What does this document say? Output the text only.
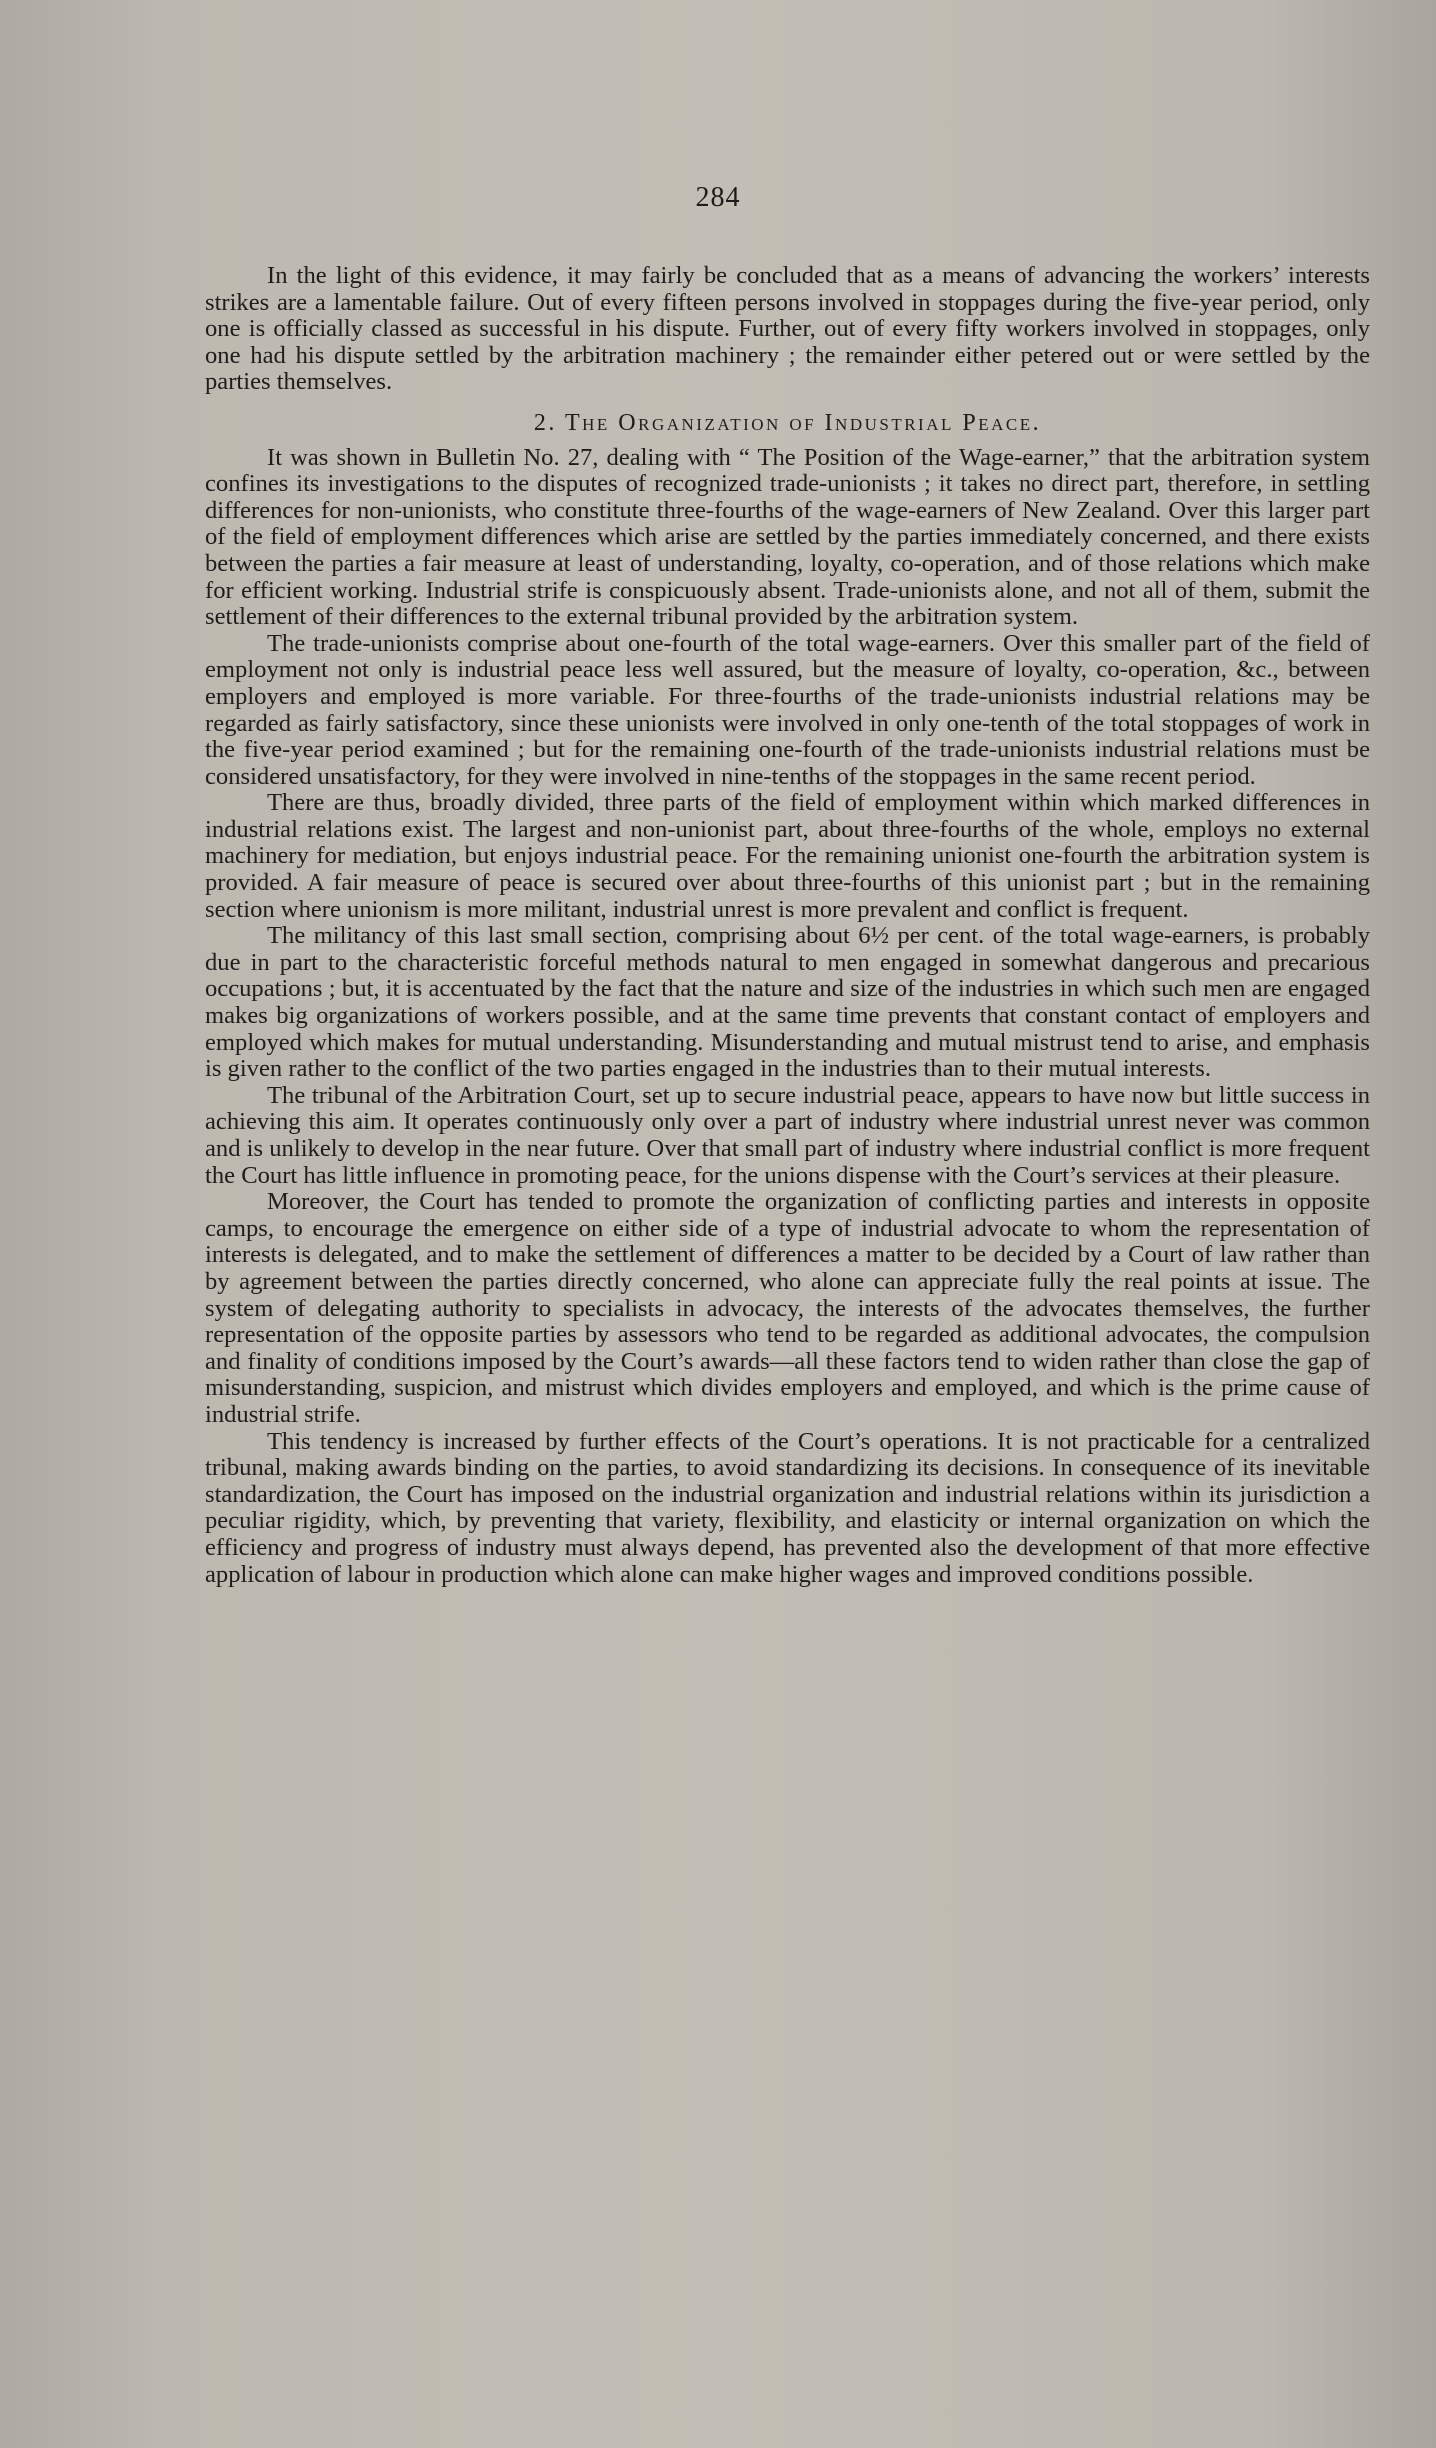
284

In the light of this evidence, it may fairly be concluded that as a means of advancing the workers’ interests strikes are a lamentable failure. Out of every fifteen persons involved in stoppages during the five-year period, only one is officially classed as successful in his dispute. Further, out of every fifty workers involved in stoppages, only one had his dispute settled by the arbitration machinery ; the remainder either petered out or were settled by the parties themselves.

2. The Organization of Industrial Peace.

It was shown in Bulletin No. 27, dealing with “ The Position of the Wage-earner,” that the arbitration system confines its investigations to the disputes of recognized trade-unionists ; it takes no direct part, therefore, in settling differences for non-unionists, who constitute three-fourths of the wage-earners of New Zealand. Over this larger part of the field of employment differences which arise are settled by the parties immediately concerned, and there exists between the parties a fair measure at least of understanding, loyalty, co-operation, and of those relations which make for efficient working. Industrial strife is conspicuously absent. Trade-unionists alone, and not all of them, submit the settlement of their differences to the external tribunal provided by the arbitration system.

The trade-unionists comprise about one-fourth of the total wage-earners. Over this smaller part of the field of employment not only is industrial peace less well assured, but the measure of loyalty, co-operation, &c., between employers and employed is more variable. For three-fourths of the trade-unionists industrial relations may be regarded as fairly satisfactory, since these unionists were involved in only one-tenth of the total stoppages of work in the five-year period examined ; but for the remaining one-fourth of the trade-unionists industrial relations must be considered unsatisfactory, for they were involved in nine-tenths of the stoppages in the same recent period.

There are thus, broadly divided, three parts of the field of employment within which marked differences in industrial relations exist. The largest and non-unionist part, about three-fourths of the whole, employs no external machinery for mediation, but enjoys industrial peace. For the remaining unionist one-fourth the arbitration system is provided. A fair measure of peace is secured over about three-fourths of this unionist part ; but in the remaining section where unionism is more militant, industrial unrest is more prevalent and conflict is frequent.

The militancy of this last small section, comprising about 6½ per cent. of the total wage-earners, is probably due in part to the characteristic forceful methods natural to men engaged in somewhat dangerous and precarious occupations ; but, it is accentuated by the fact that the nature and size of the industries in which such men are engaged makes big organizations of workers possible, and at the same time prevents that constant contact of employers and employed which makes for mutual understanding. Misunderstanding and mutual mistrust tend to arise, and emphasis is given rather to the conflict of the two parties engaged in the industries than to their mutual interests.

The tribunal of the Arbitration Court, set up to secure industrial peace, appears to have now but little success in achieving this aim. It operates continuously only over a part of industry where industrial unrest never was common and is unlikely to develop in the near future. Over that small part of industry where industrial conflict is more frequent the Court has little influence in promoting peace, for the unions dispense with the Court’s services at their pleasure.

Moreover, the Court has tended to promote the organization of conflicting parties and interests in opposite camps, to encourage the emergence on either side of a type of industrial advocate to whom the representation of interests is delegated, and to make the settlement of differences a matter to be decided by a Court of law rather than by agreement between the parties directly concerned, who alone can appreciate fully the real points at issue. The system of delegating authority to specialists in advocacy, the interests of the advocates themselves, the further representation of the opposite parties by assessors who tend to be regarded as additional advocates, the compulsion and finality of conditions imposed by the Court’s awards—all these factors tend to widen rather than close the gap of misunderstanding, suspicion, and mistrust which divides employers and employed, and which is the prime cause of industrial strife.

This tendency is increased by further effects of the Court’s operations. It is not practicable for a centralized tribunal, making awards binding on the parties, to avoid standardizing its decisions. In consequence of its inevitable standardization, the Court has imposed on the industrial organization and industrial relations within its jurisdiction a peculiar rigidity, which, by preventing that variety, flexibility, and elasticity or internal organization on which the efficiency and progress of industry must always depend, has prevented also the development of that more effective application of labour in production which alone can make higher wages and improved conditions possible.
